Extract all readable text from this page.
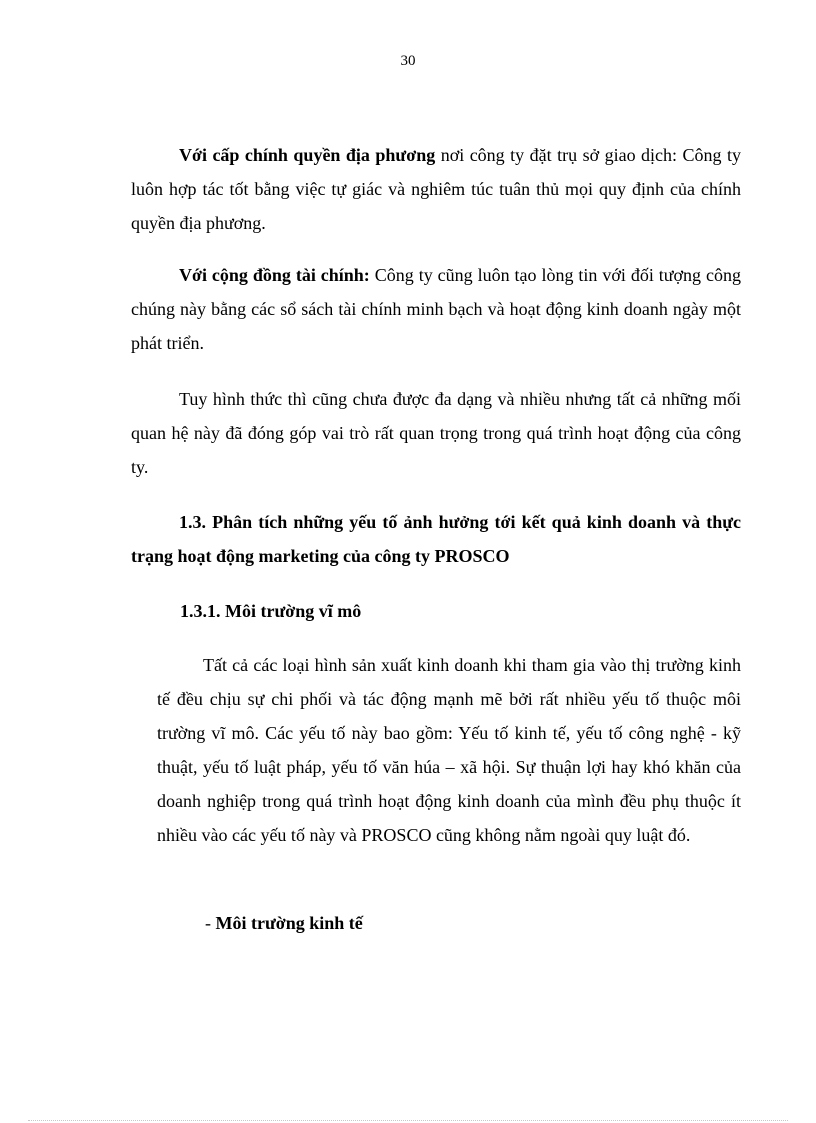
30

Với cấp chính quyền địa phương nơi công ty đặt trụ sở giao dịch: Công ty luôn hợp tác tốt bằng việc tự giác và nghiêm túc tuân thủ mọi quy định của chính quyền địa phương.

Với cộng đồng tài chính: Công ty cũng luôn tạo lòng tin với đối tượng công chúng này bằng các sổ sách tài chính minh bạch và hoạt động kinh doanh ngày một phát triển.

Tuy hình thức thì cũng chưa được đa dạng và nhiều nhưng tất cả những mối quan hệ này đã đóng góp vai trò rất quan trọng trong quá trình hoạt động của công ty.

1.3. Phân tích những yếu tố ảnh hưởng tới kết quả kinh doanh và thực trạng hoạt động marketing của công ty PROSCO

1.3.1. Môi trường vĩ mô

Tất cả các loại hình sản xuất kinh doanh khi tham gia vào thị trường kinh tế đều chịu sự chi phối và tác động mạnh mẽ bởi rất nhiều yếu tố thuộc môi trường vĩ mô. Các yếu tố này bao gồm: Yếu tố kinh tế, yếu tố công nghệ - kỹ thuật, yếu tố luật pháp, yếu tố văn húa – xã hội. Sự thuận lợi hay khó khăn của doanh nghiệp trong quá trình hoạt động kinh doanh của mình đều phụ thuộc ít nhiều vào các yếu tố này và PROSCO cũng không nằm ngoài quy luật đó.

- Môi trường kinh tế
